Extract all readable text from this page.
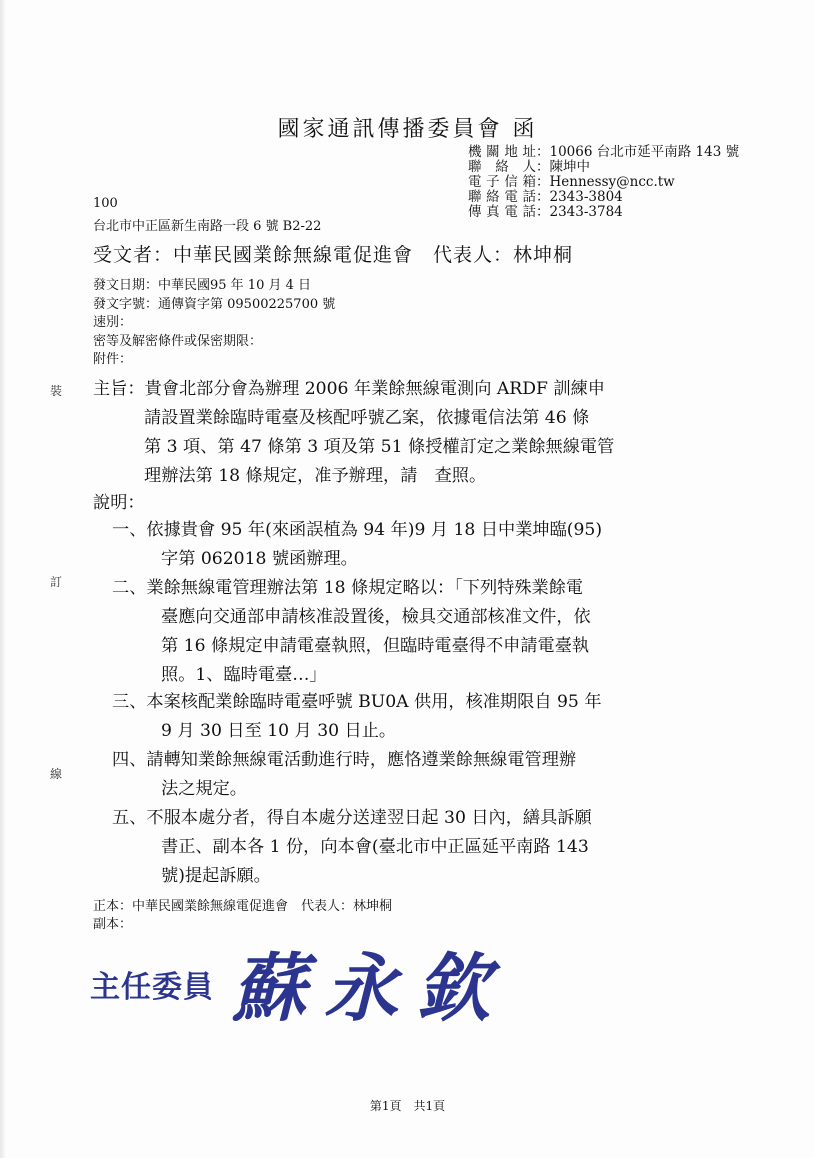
國家通訊傳播委員會 函
機關地址：10066 台北市延平南路 143 號
聯 絡 人：陳坤中
電子信箱：Hennessy@ncc.tw
聯絡電話：2343-3804
傳真電話：2343-3784
100
台北市中正區新生南路一段 6 號 B2-22
受文者：中華民國業餘無線電促進會　代表人：林坤桐
發文日期：中華民國95 年 10 月 4 日
發文字號：通傳資字第 09500225700 號
速別：
密等及解密條件或保密期限：
附件：
主旨：貴會北部分會為辦理 2006 年業餘無線電測向 ARDF 訓練申
請設置業餘臨時電臺及核配呼號乙案，依據電信法第 46 條
第 3 項、第 47 條第 3 項及第 51 條授權訂定之業餘無線電管
理辦法第 18 條規定，准予辦理，請　查照。
說明：
一、依據貴會 95 年(來函誤植為 94 年)9 月 18 日中業坤臨(95)
字第 062018 號函辦理。
二、業餘無線電管理辦法第 18 條規定略以：「下列特殊業餘電
臺應向交通部申請核准設置後，檢具交通部核准文件，依
第 16 條規定申請電臺執照，但臨時電臺得不申請電臺執
照。1、臨時電臺…」
三、本案核配業餘臨時電臺呼號 BU0A 供用，核准期限自 95 年
9 月 30 日至 10 月 30 日止。
四、請轉知業餘無線電活動進行時，應恪遵業餘無線電管理辦
法之規定。
五、不服本處分者，得自本處分送達翌日起 30 日內，繕具訴願
書正、副本各 1 份，向本會(臺北市中正區延平南路 143
號)提起訴願。
正本：中華民國業餘無線電促進會　代表人：林坤桐
副本：
裝
訂
線
主任委員 蘇永欽
第1頁　共1頁
